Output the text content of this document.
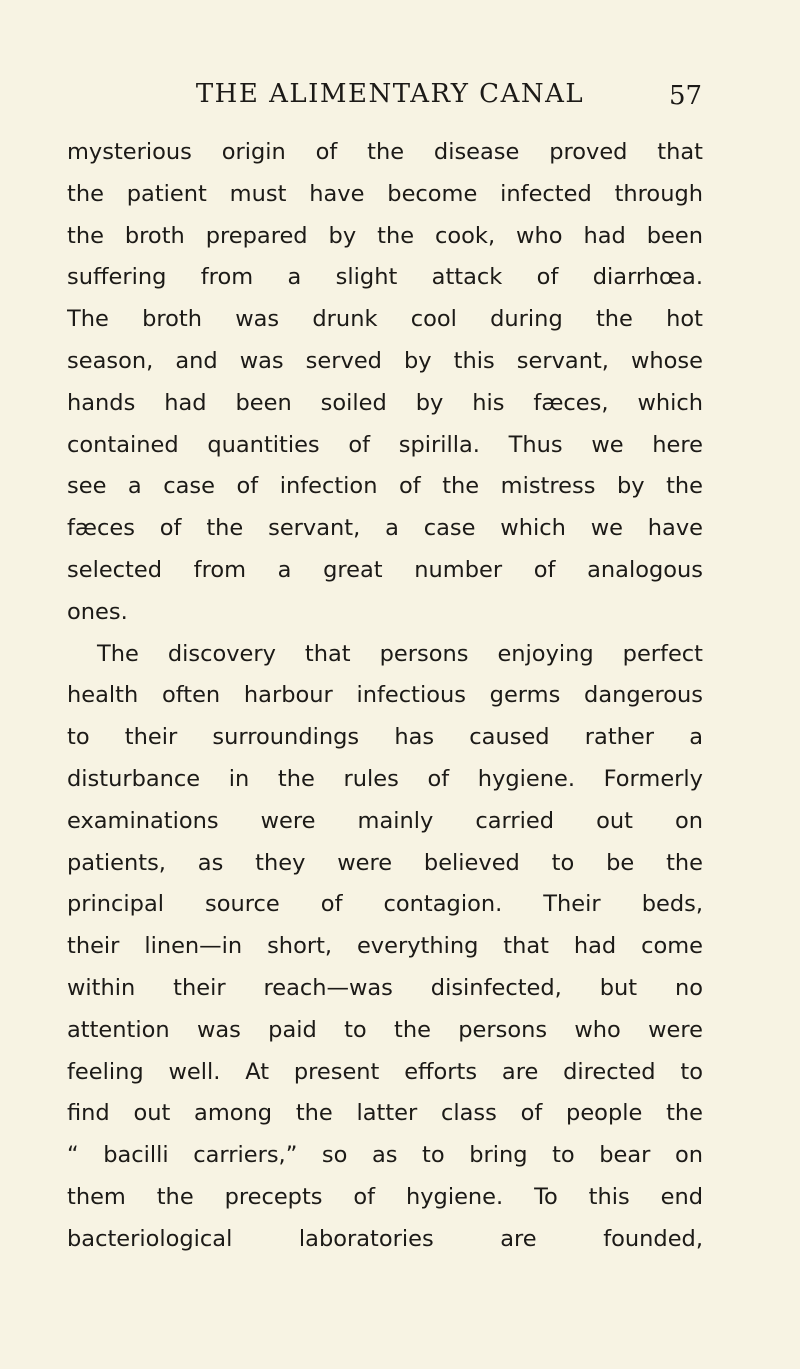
THE ALIMENTARY CANAL	57
mysterious origin of the disease proved that
the patient must have become infected through
the broth prepared by the cook, who had been
suffering from a slight attack of diarrhœa.
The broth was drunk cool during the hot
season, and was served by this servant, whose
hands had been soiled by his fæces, which
contained quantities of spirilla. Thus we here
see a case of infection of the mistress by the
fæces of the servant, a case which we have
selected from a great number of analogous
ones.
The discovery that persons enjoying perfect
health often harbour infectious germs dangerous
to their surroundings has caused rather a
disturbance in the rules of hygiene. Formerly
examinations were mainly carried out on
patients, as they were believed to be the
principal source of contagion. Their beds,
their linen—in short, everything that had come
within their reach—was disinfected, but no
attention was paid to the persons who were
feeling well. At present efforts are directed to
find out among the latter class of people the
“ bacilli carriers,” so as to bring to bear on
them the precepts of hygiene. To this end
bacteriological laboratories are founded,
